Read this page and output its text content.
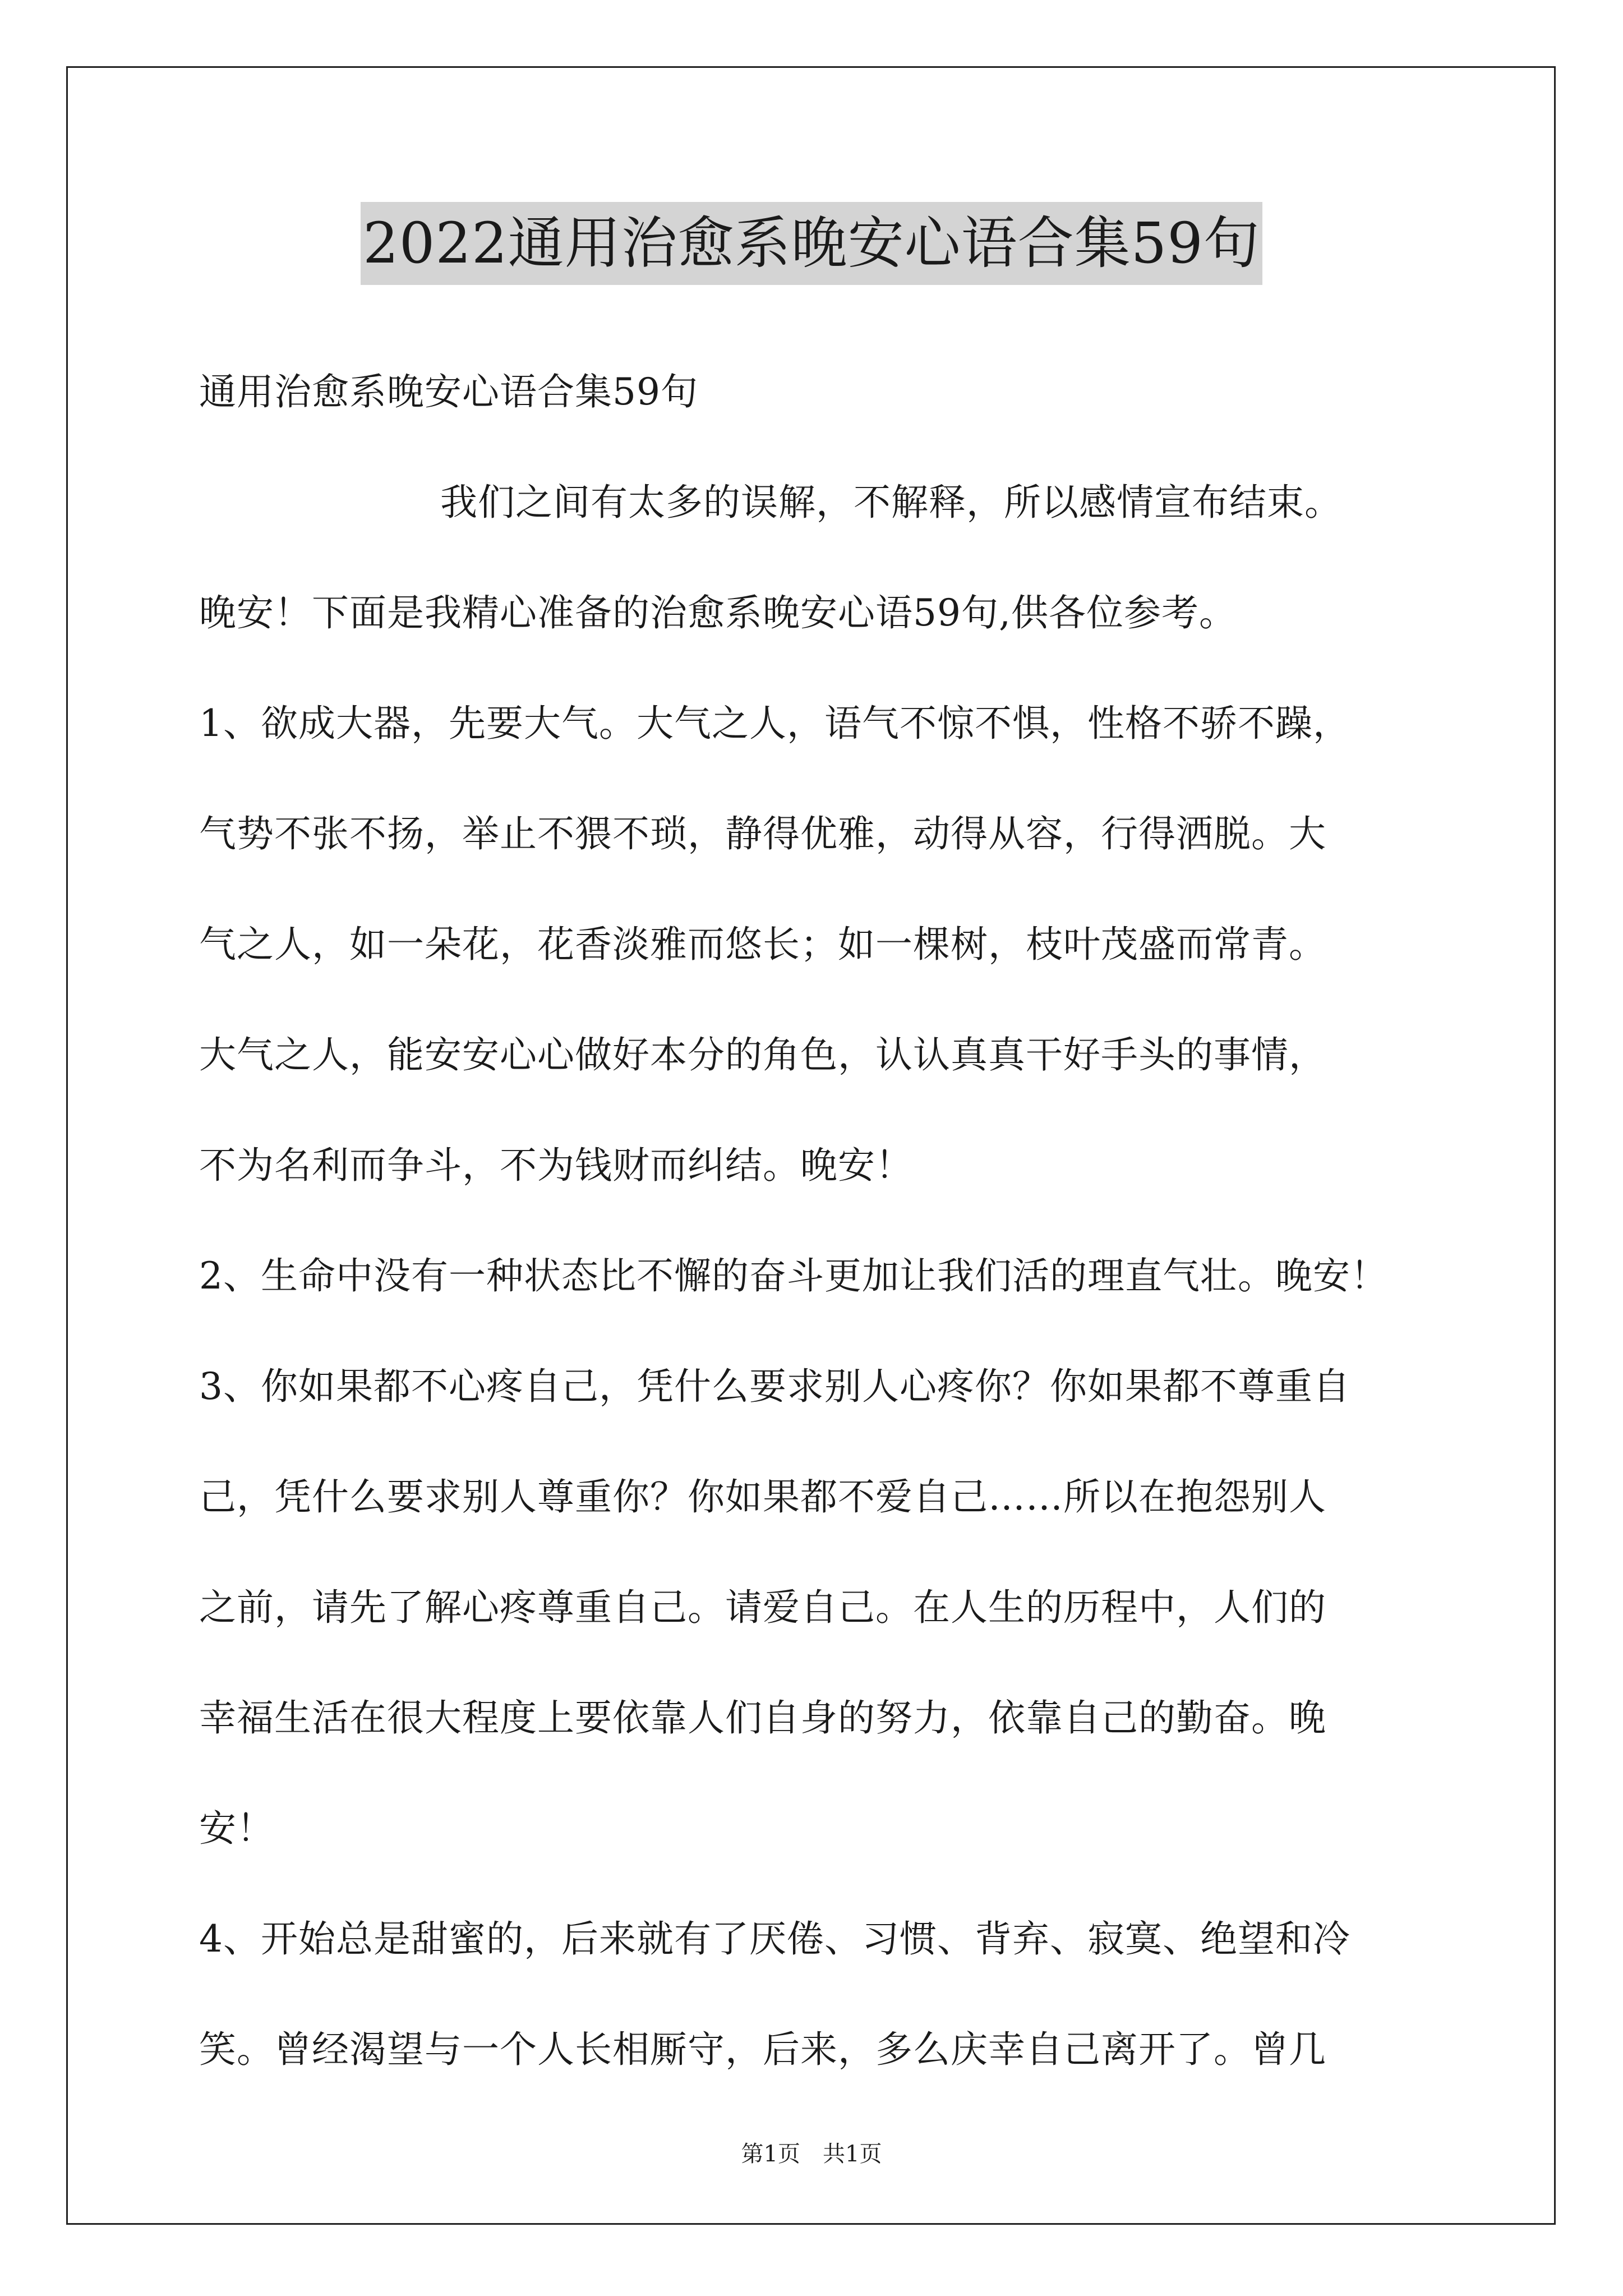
2022通用治愈系晚安心语合集59句
通用治愈系晚安心语合集59句
我们之间有太多的误解，不解释，所以感情宣布结束。
晚安！下面是我精心准备的治愈系晚安心语59句,供各位参考。
1、欲成大器，先要大气。大气之人，语气不惊不惧，性格不骄不躁，
气势不张不扬，举止不猥不琐，静得优雅，动得从容，行得洒脱。大
气之人，如一朵花，花香淡雅而悠长；如一棵树，枝叶茂盛而常青。
大气之人，能安安心心做好本分的角色，认认真真干好手头的事情，
不为名利而争斗，不为钱财而纠结。晚安！
2、生命中没有一种状态比不懈的奋斗更加让我们活的理直气壮。晚安！
3、你如果都不心疼自己，凭什么要求别人心疼你？你如果都不尊重自
己，凭什么要求别人尊重你？你如果都不爱自己……所以在抱怨别人
之前，请先了解心疼尊重自己。请爱自己。在人生的历程中，人们的
幸福生活在很大程度上要依靠人们自身的努力，依靠自己的勤奋。晚
安！
4、开始总是甜蜜的，后来就有了厌倦、习惯、背弃、寂寞、绝望和冷
笑。曾经渴望与一个人长相厮守，后来，多么庆幸自己离开了。曾几
第1页 共1页
